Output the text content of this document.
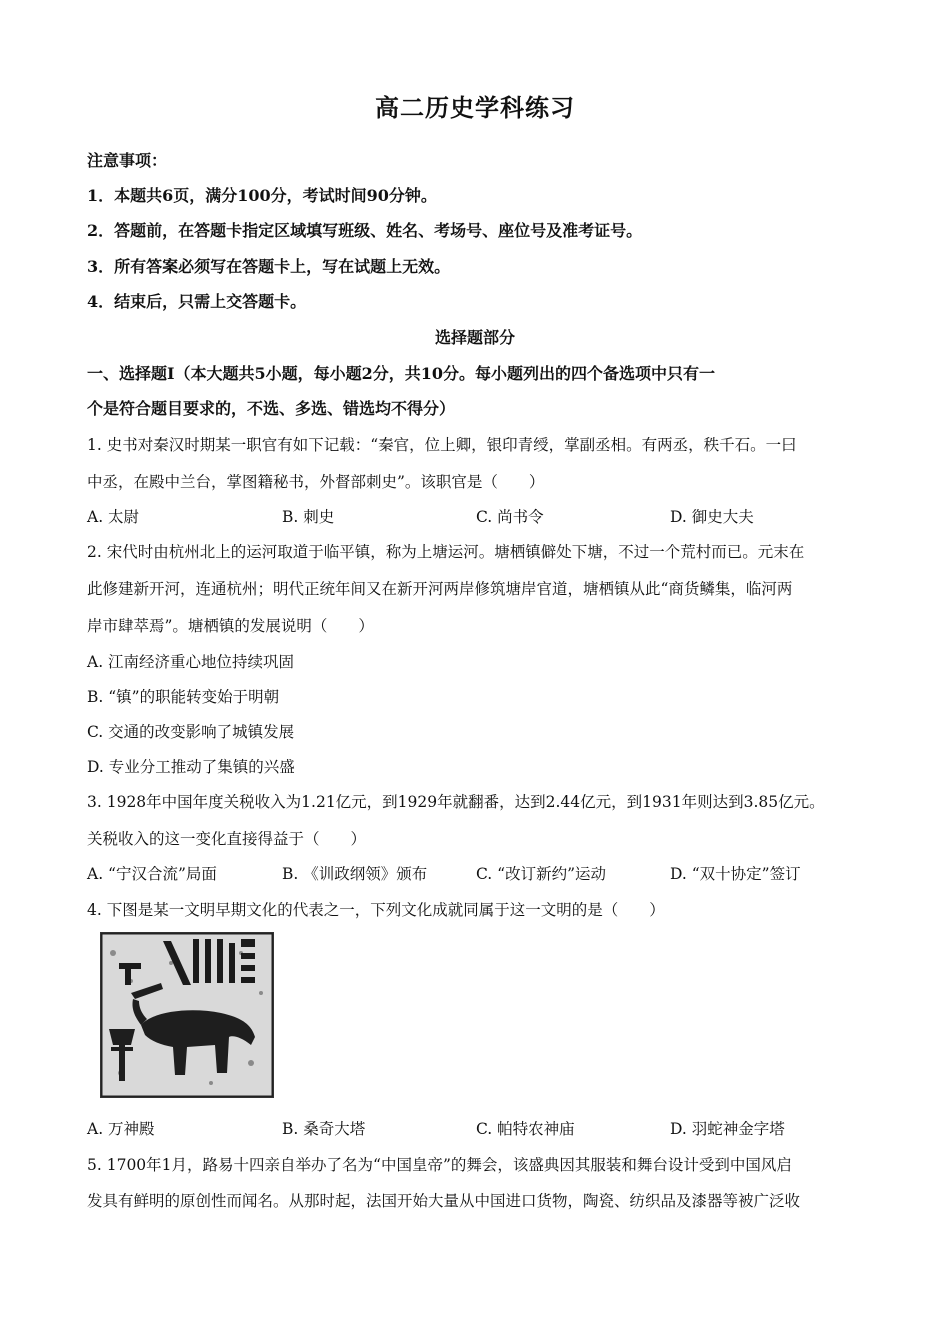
高二历史学科练习
注意事项：
1．本题共6页，满分100分，考试时间90分钟。
2．答题前，在答题卡指定区域填写班级、姓名、考场号、座位号及准考证号。
3．所有答案必须写在答题卡上，写在试题上无效。
4．结束后，只需上交答题卡。
选择题部分
一、选择题Ⅰ（本大题共5小题，每小题2分，共10分。每小题列出的四个备选项中只有一
个是符合题目要求的，不选、多选、错选均不得分）
1. 史书对秦汉时期某一职官有如下记载：“秦官，位上卿，银印青绶，掌副丞相。有两丞，秩千石。一曰
中丞，在殿中兰台，掌图籍秘书，外督部刺史”。该职官是（　　）
A. 太尉	B. 刺史	C. 尚书令	D. 御史大夫
2. 宋代时由杭州北上的运河取道于临平镇，称为上塘运河。塘栖镇僻处下塘，不过一个荒村而已。元末在
此修建新开河，连通杭州；明代正统年间又在新开河两岸修筑塘岸官道，塘栖镇从此“商货鳞集，临河两
岸市肆萃焉”。塘栖镇的发展说明（　　）
A. 江南经济重心地位持续巩固
B. “镇”的职能转变始于明朝
C. 交通的改变影响了城镇发展
D. 专业分工推动了集镇的兴盛
3. 1928年中国年度关税收入为1.21亿元，到1929年就翻番，达到2.44亿元，到1931年则达到3.85亿元。
关税收入的这一变化直接得益于（　　）
A. “宁汉合流”局面	B. 《训政纲领》颁布	C. “改订新约”运动	D. “双十协定”签订
4. 下图是某一文明早期文化的代表之一，下列文化成就同属于这一文明的是（　　）
A. 万神殿	B. 桑奇大塔	C. 帕特农神庙	D. 羽蛇神金字塔
5. 1700年1月，路易十四亲自举办了名为“中国皇帝”的舞会，该盛典因其服装和舞台设计受到中国风启
发具有鲜明的原创性而闻名。从那时起，法国开始大量从中国进口货物，陶瓷、纺织品及漆器等被广泛收
